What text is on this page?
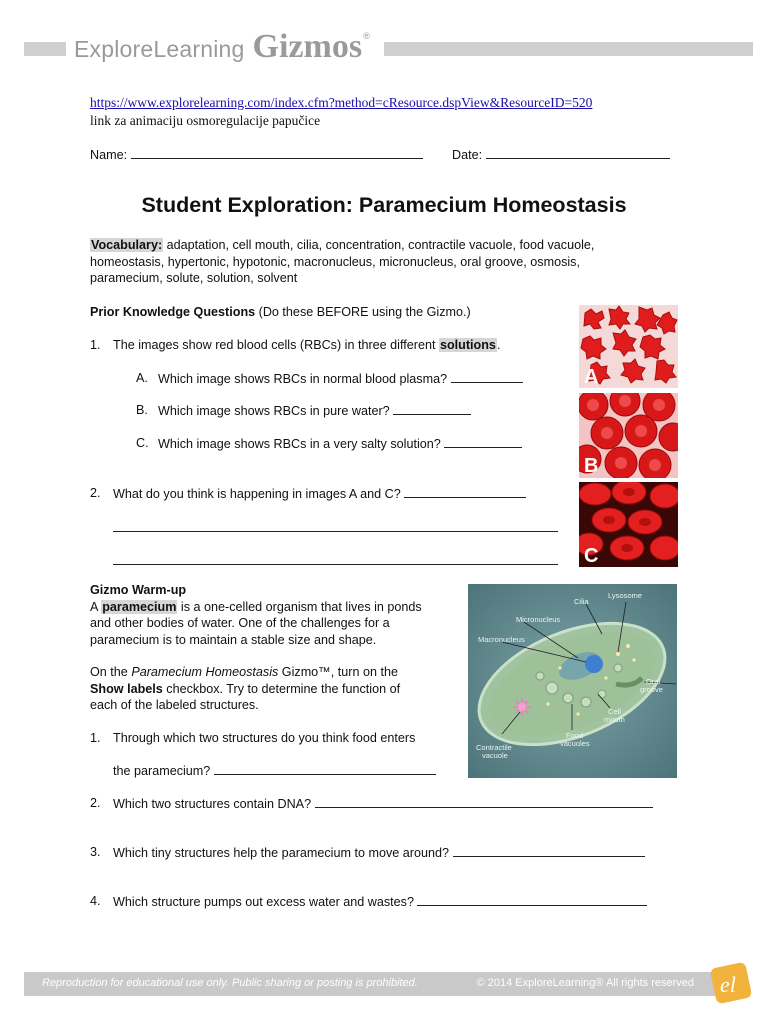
Explore Learning Gizmos ®
https://www.explorelearning.com/index.cfm?method=cResource.dspView&ResourceID=520
link za animaciju osmoregulacije papučice
Name:	Date:
Student Exploration: Paramecium Homeostasis
Vocabulary: adaptation, cell mouth, cilia, concentration, contractile vacuole, food vacuole,
homeostasis, hypertonic, hypotonic, macronucleus, micronucleus, oral groove, osmosis,
paramecium, solute, solution, solvent
Prior Knowledge Questions (Do these BEFORE using the Gizmo.)
1. The images show red blood cells (RBCs) in three different solutions.
A. Which image shows RBCs in normal blood plasma?
B. Which image shows RBCs in pure water?
C. Which image shows RBCs in a very salty solution?
2. What do you think is happening in images A and C?
A
B
C
Gizmo Warm-up
A paramecium is a one-celled organism that lives in ponds
and other bodies of water. One of the challenges for a
paramecium is to maintain a stable size and shape.
On the Paramecium Homeostasis Gizmo™, turn on the
Show labels checkbox. Try to determine the function of
each of the labeled structures.
1. Through which two structures do you think food enters
the paramecium?
2. Which two structures contain DNA?
3. Which tiny structures help the paramecium to move around?
4. Which structure pumps out excess water and wastes?
Cilia
Lysosome
Micronucleus
Macronucleus
Oral
groove
Cell
mouth
Food
vacuoles
Contractile
vacuole
Reproduction for educational use only. Public sharing or posting is prohibited.	© 2014 ExploreLearning® All rights reserved el
